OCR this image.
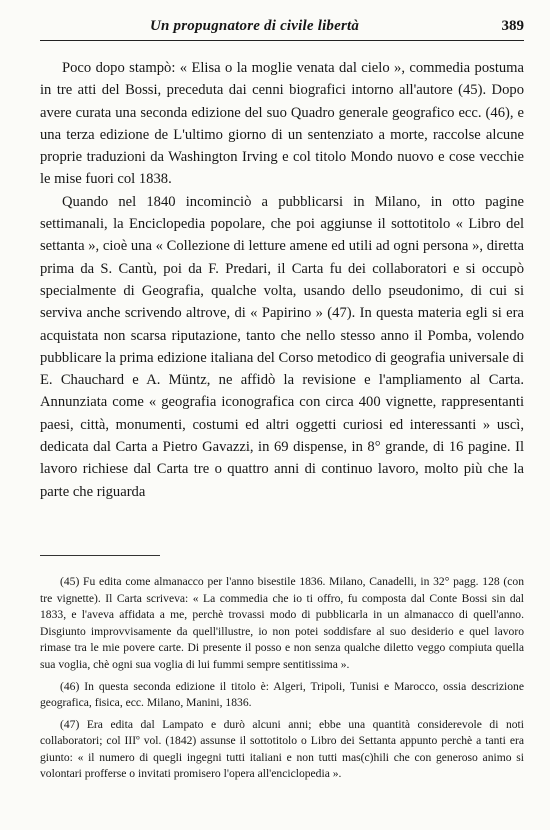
Un propugnatore di civile libertà	389

Poco dopo stampò: « Elisa o la moglie venata dal cielo », commedia postuma in tre atti del Bossi, preceduta dai cenni biografici intorno all'autore (45). Dopo avere curata una seconda edizione del suo Quadro generale geografico ecc. (46), e una terza edizione de L'ultimo giorno di un sentenziato a morte, raccolse alcune proprie traduzioni da Washington Irving e col titolo Mondo nuovo e cose vecchie le mise fuori col 1838.

Quando nel 1840 incominciò a pubblicarsi in Milano, in otto pagine settimanali, la Enciclopedia popolare, che poi aggiunse il sottotitolo « Libro del settanta », cioè una « Collezione di letture amene ed utili ad ogni persona », diretta prima da S. Cantù, poi da F. Predari, il Carta fu dei collaboratori e si occupò specialmente di Geografia, qualche volta, usando dello pseudonimo, di cui si serviva anche scrivendo altrove, di « Papirino » (47). In questa materia egli si era acquistata non scarsa riputazione, tanto che nello stesso anno il Pomba, volendo pubblicare la prima edizione italiana del Corso metodico di geografia universale di E. Chauchard e A. Müntz, ne affidò la revisione e l'ampliamento al Carta. Annunziata come « geografia iconografica con circa 400 vignette, rappresentanti paesi, città, monumenti, costumi ed altri oggetti curiosi ed interessanti » uscì, dedicata dal Carta a Pietro Gavazzi, in 69 dispense, in 8° grande, di 16 pagine. Il lavoro richiese dal Carta tre o quattro anni di continuo lavoro, molto più che la parte che riguarda

(45) Fu edita come almanacco per l'anno bisestile 1836. Milano, Canadelli, in 32° pagg. 128 (con tre vignette). Il Carta scriveva: « La commedia che io ti offro, fu composta dal Conte Bossi sin dal 1833, e l'aveva affidata a me, perchè trovassi modo di pubblicarla in un almanacco di quell'anno. Disgiunto improvvisamente da quell'illustre, io non potei soddisfare al suo desiderio e quel lavoro rimase tra le mie povere carte. Di presente il posso e non senza qualche diletto veggo compiuta quella sua voglia, chè ogni sua voglia di lui fummi sempre sentitissima ».

(46) In questa seconda edizione il titolo è: Algeri, Tripoli, Tunisi e Marocco, ossia descrizione geografica, fisica, ecc. Milano, Manini, 1836.

(47) Era edita dal Lampato e durò alcuni anni; ebbe una quantità considerevole di noti collaboratori; col IIIº vol. (1842) assunse il sottotitolo o Libro dei Settanta appunto perchè a tanti era giunto: « il numero di quegli ingegni tutti italiani e non tutti mas(c)hili che con generoso animo si volontari profferse o invitati promisero l'opera all'enciclopedia ».
